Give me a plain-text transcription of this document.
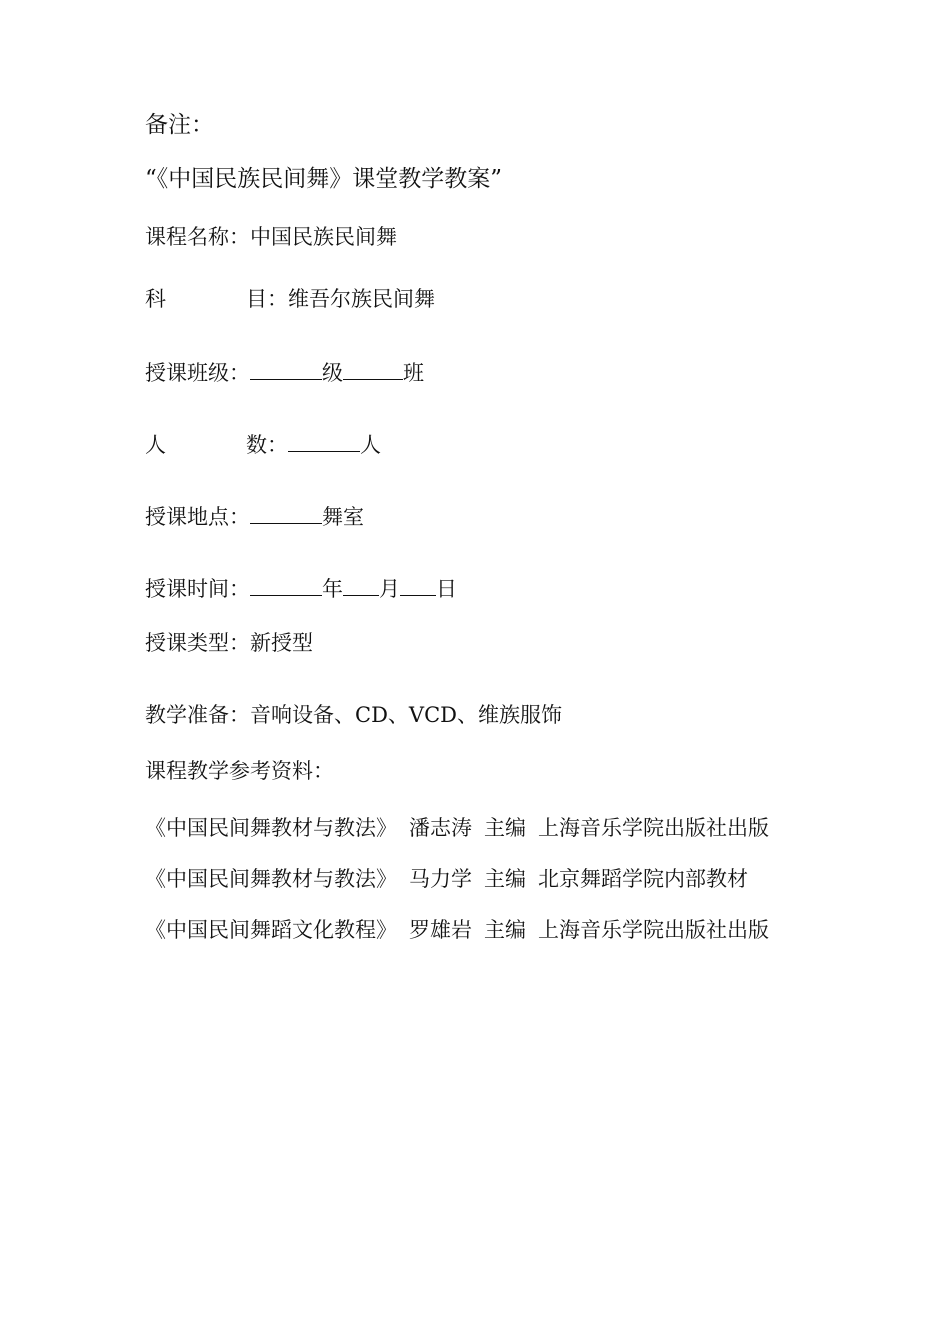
备注：
“《中国民族民间舞》课堂教学教案”
课程名称：中国民族民间舞
科	目：维吾尔族民间舞
授课班级：	级	班
人	数：	人
授课地点：	舞室
授课时间：	年 月 日
授课类型：新授型
教学准备：音响设备、CD、VCD、维族服饰
课程教学参考资料：
《中国民间舞教材与教法》 潘志涛 主编 上海音乐学院出版社出版
《中国民间舞教材与教法》 马力学 主编 北京舞蹈学院内部教材
《中国民间舞蹈文化教程》 罗雄岩 主编 上海音乐学院出版社出版
